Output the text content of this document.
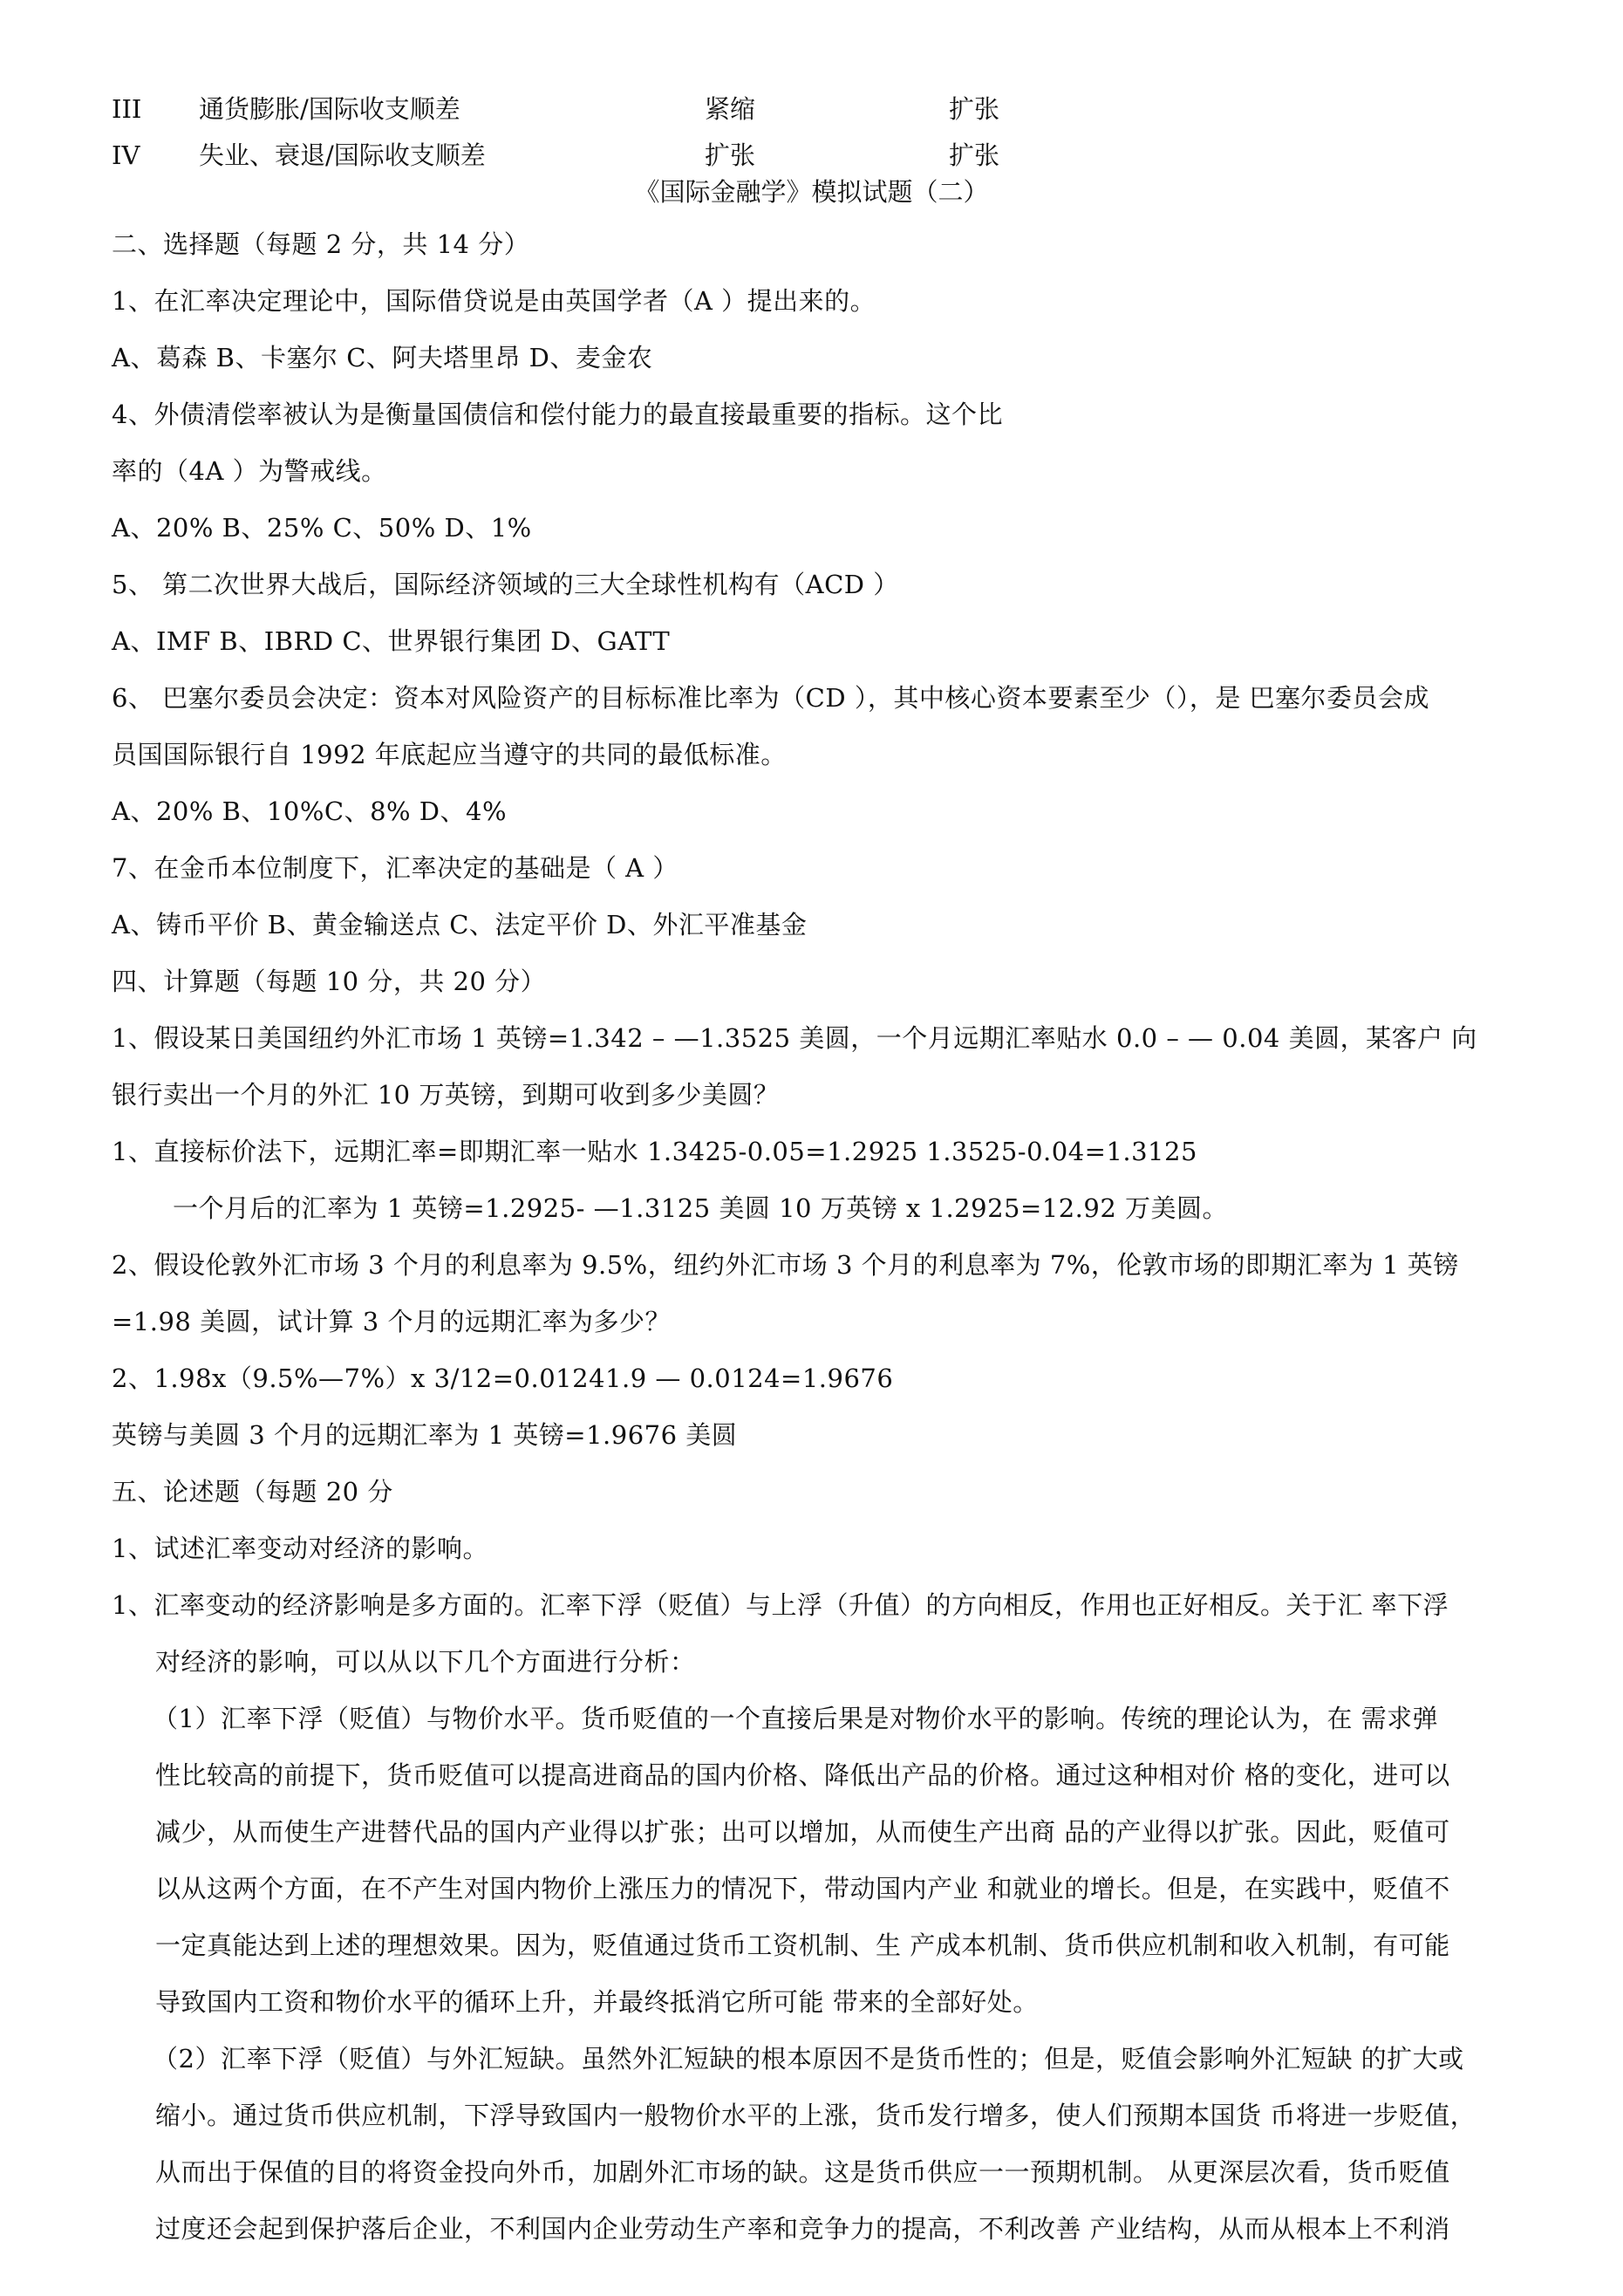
III 通货膨胀/国际收支顺差	紧缩	扩张
IV 失业、衰退/国际收支顺差	扩张	扩张
《国际金融学》模拟试题（二）
二、选择题（每题 2 分，共 14 分）
1、在汇率决定理论中，国际借贷说是由英国学者（A ）提出来的。
A、葛森 B、卡塞尔 C、阿夫塔里昂 D、麦金农
4、外债清偿率被认为是衡量国债信和偿付能力的最直接最重要的指标。这个比
率的（4A ）为警戒线。
A、20% B、25% C、50% D、1%
5、 第二次世界大战后，国际经济领域的三大全球性机构有（ACD ）
A、IMF B、IBRD C、世界银行集团 D、GATT
6、 巴塞尔委员会决定：资本对风险资产的目标标准比率为（CD ），其中核心资本要素至少（），是 巴塞尔委员会成
员国国际银行自 1992 年底起应当遵守的共同的最低标准。
A、20% B、10%C、8% D、4%
7、在金币本位制度下，汇率决定的基础是（ A ）
A、铸币平价 B、黄金输送点 C、法定平价 D、外汇平准基金
四、计算题（每题 10 分，共 20 分）
1、假设某日美国纽约外汇市场 1 英镑=1.342 – —1.3525 美圆，一个月远期汇率贴水 0.0 – — 0.04 美圆，某客户 向
银行卖出一个月的外汇 10 万英镑，到期可收到多少美圆？
1、直接标价法下，远期汇率=即期汇率一贴水 1.3425-0.05=1.2925 1.3525-0.04=1.3125
一个月后的汇率为 1 英镑=1.2925- —1.3125 美圆 10 万英镑 x 1.2925=12.92 万美圆。
2、假设伦敦外汇市场 3 个月的利息率为 9.5%，纽约外汇市场 3 个月的利息率为 7%，伦敦市场的即期汇率为 1 英镑
=1.98 美圆，试计算 3 个月的远期汇率为多少？
2、1.98x（9.5%—7%）x 3/12=0.01241.9 — 0.0124=1.9676
英镑与美圆 3 个月的远期汇率为 1 英镑=1.9676 美圆
五、论述题（每题 20 分
1、试述汇率变动对经济的影响。
1、汇率变动的经济影响是多方面的。汇率下浮（贬值）与上浮（升值）的方向相反，作用也正好相反。关于汇 率下浮
对经济的影响，可以从以下几个方面进行分析：
（1）汇率下浮（贬值）与物价水平。货币贬值的一个直接后果是对物价水平的影响。传统的理论认为，在 需求弹
性比较高的前提下，货币贬值可以提高进商品的国内价格、降低出产品的价格。通过这种相对价 格的变化，进可以
减少，从而使生产进替代品的国内产业得以扩张；出可以增加，从而使生产出商 品的产业得以扩张。因此，贬值可
以从这两个方面，在不产生对国内物价上涨压力的情况下，带动国内产业 和就业的增长。但是，在实践中，贬值不
一定真能达到上述的理想效果。因为，贬值通过货币工资机制、生 产成本机制、货币供应机制和收入机制，有可能
导致国内工资和物价水平的循环上升，并最终抵消它所可能 带来的全部好处。
（2）汇率下浮（贬值）与外汇短缺。虽然外汇短缺的根本原因不是货币性的；但是，贬值会影响外汇短缺 的扩大或
缩小。通过货币供应机制，下浮导致国内一般物价水平的上涨，货币发行增多，使人们预期本国货 币将进一步贬值，
从而出于保值的目的将资金投向外币，加剧外汇市场的缺。这是货币供应一一预期机制。 从更深层次看，货币贬值
过度还会起到保护落后企业，不利国内企业劳动生产率和竞争力的提高，不利改善 产业结构，从而从根本上不利消
